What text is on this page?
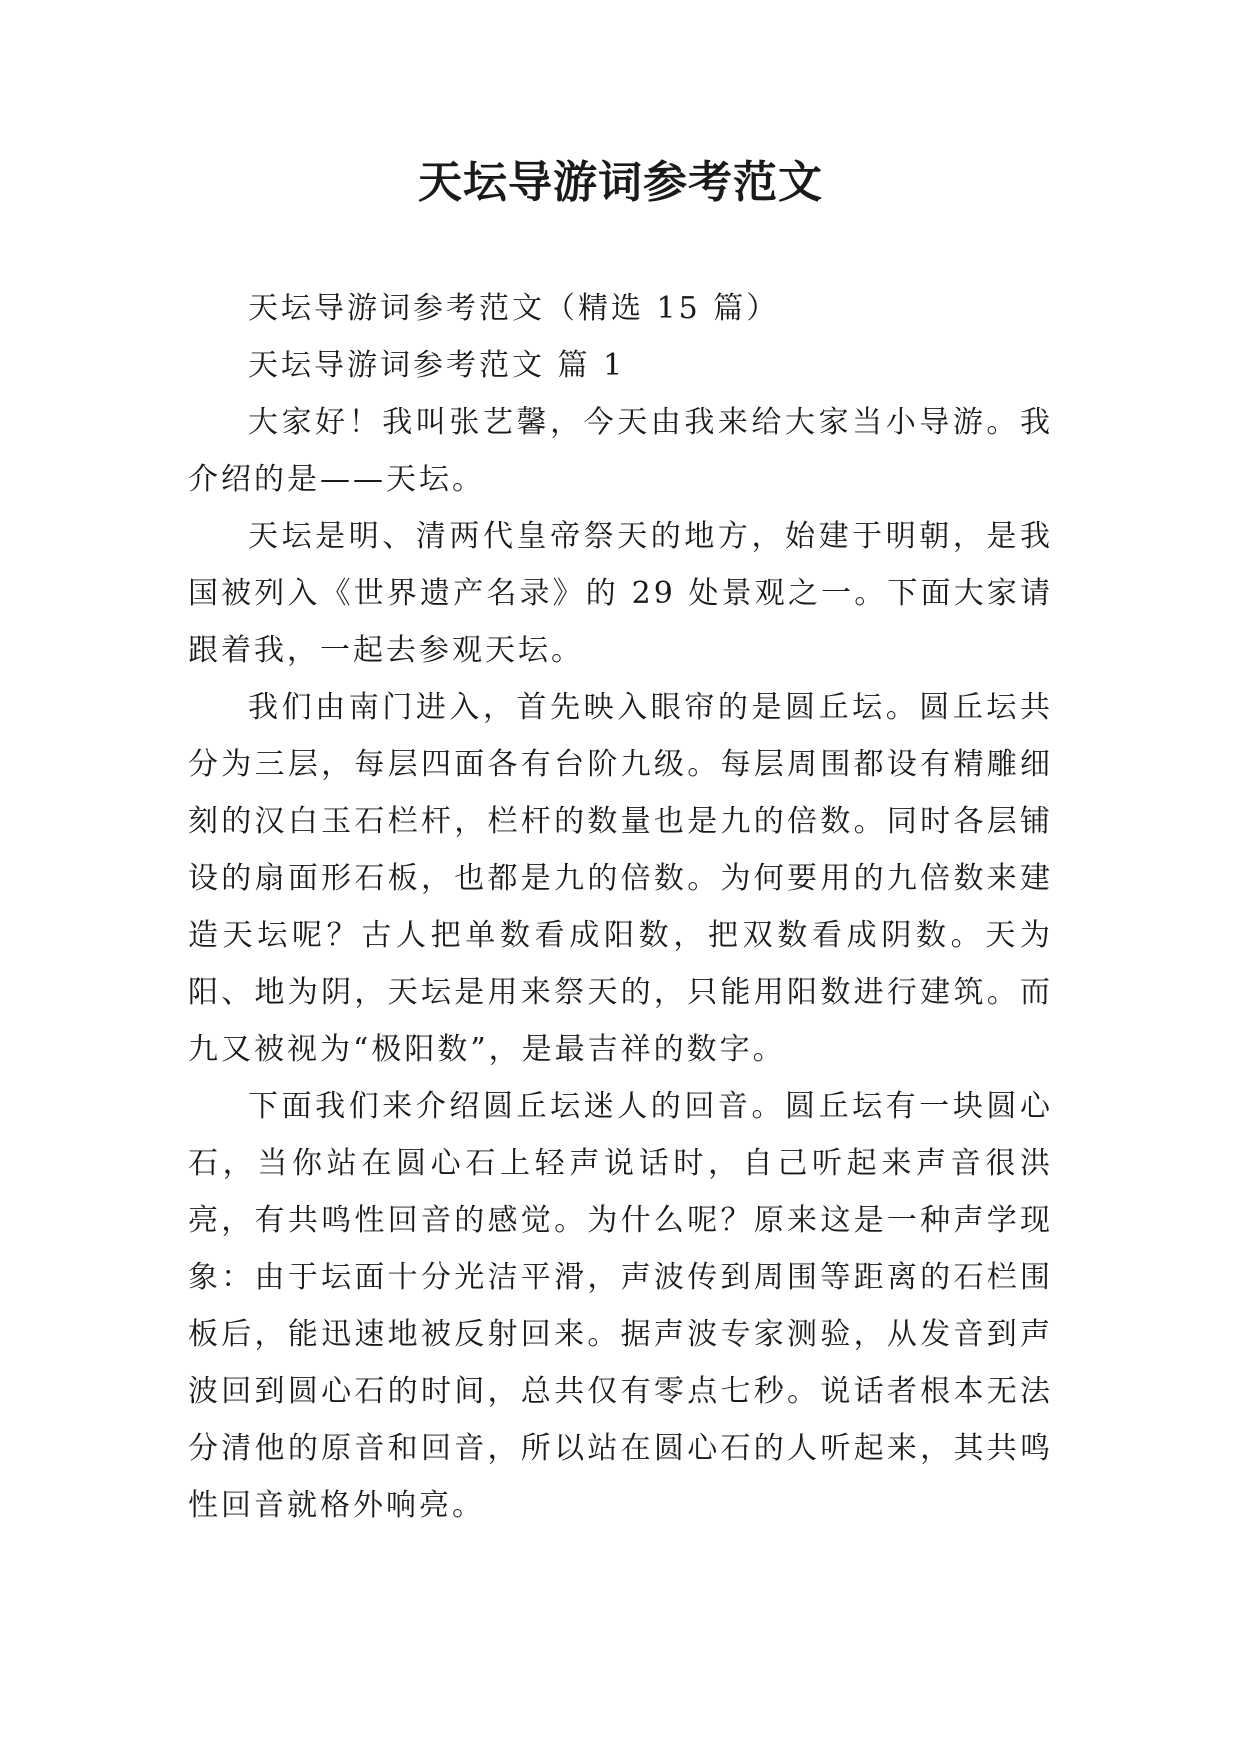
天坛导游词参考范文

天坛导游词参考范文（精选 15 篇）

天坛导游词参考范文 篇 1

大家好！我叫张艺馨，今天由我来给大家当小导游。我介绍的是——天坛。

天坛是明、清两代皇帝祭天的地方，始建于明朝，是我国被列入《世界遗产名录》的 29 处景观之一。下面大家请跟着我，一起去参观天坛。

我们由南门进入，首先映入眼帘的是圆丘坛。圆丘坛共分为三层，每层四面各有台阶九级。每层周围都设有精雕细刻的汉白玉石栏杆，栏杆的数量也是九的倍数。同时各层铺设的扇面形石板，也都是九的倍数。为何要用的九倍数来建造天坛呢？古人把单数看成阳数，把双数看成阴数。天为阳、地为阴，天坛是用来祭天的，只能用阳数进行建筑。而九又被视为“极阳数”，是最吉祥的数字。

下面我们来介绍圆丘坛迷人的回音。圆丘坛有一块圆心石，当你站在圆心石上轻声说话时，自己听起来声音很洪亮，有共鸣性回音的感觉。为什么呢？原来这是一种声学现象：由于坛面十分光洁平滑，声波传到周围等距离的石栏围板后，能迅速地被反射回来。据声波专家测验，从发音到声波回到圆心石的时间，总共仅有零点七秒。说话者根本无法分清他的原音和回音，所以站在圆心石的人听起来，其共鸣性回音就格外响亮。
